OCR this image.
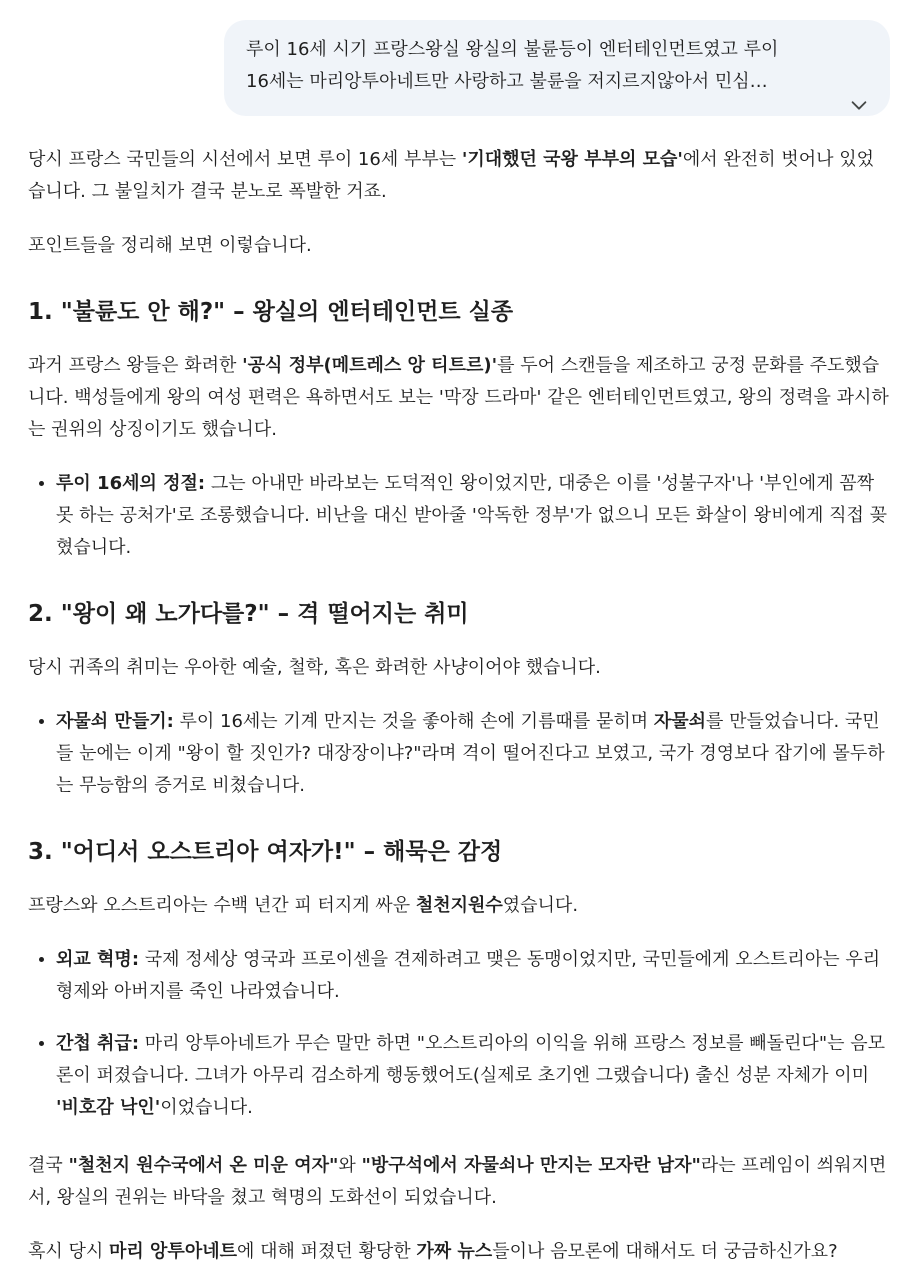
루이 16세 시기 프랑스왕실 왕실의 불륜등이 엔터테인먼트였고 루이

16세는 마리앙투아네트만 사랑하고 불륜을 저지르지않아서 민심…

당시 프랑스 국민들의 시선에서 보면 루이 16세 부부는 '기대했던 국왕 부부의 모습'에서 완전히 벗어나 있었습니다. 그 불일치가 결국 분노로 폭발한 거죠.

포인트들을 정리해 보면 이렇습니다.

1. "불륜도 안 해?" – 왕실의 엔터테인먼트 실종

과거 프랑스 왕들은 화려한 '공식 정부(메트레스 앙 티트르)'를 두어 스캔들을 제조하고 궁정 문화를 주도했습니다. 백성들에게 왕의 여성 편력은 욕하면서도 보는 '막장 드라마' 같은 엔터테인먼트였고, 왕의 정력을 과시하는 권위의 상징이기도 했습니다.

• 루이 16세의 정절: 그는 아내만 바라보는 도덕적인 왕이었지만, 대중은 이를 '성불구자'나 '부인에게 꼼짝 못 하는 공처가'로 조롱했습니다. 비난을 대신 받아줄 '악독한 정부'가 없으니 모든 화살이 왕비에게 직접 꽂혔습니다.
2. "왕이 왜 노가다를?" – 격 떨어지는 취미

당시 귀족의 취미는 우아한 예술, 철학, 혹은 화려한 사냥이어야 했습니다.

• 자물쇠 만들기: 루이 16세는 기계 만지는 것을 좋아해 손에 기름때를 묻히며 자물쇠를 만들었습니다. 국민들 눈에는 이게 "왕이 할 짓인가? 대장장이냐?"라며 격이 떨어진다고 보였고, 국가 경영보다 잡기에 몰두하는 무능함의 증거로 비쳤습니다.
3. "어디서 오스트리아 여자가!" – 해묵은 감정

프랑스와 오스트리아는 수백 년간 피 터지게 싸운 철천지원수였습니다.

• 외교 혁명: 국제 정세상 영국과 프로이센을 견제하려고 맺은 동맹이었지만, 국민들에게 오스트리아는 우리 형제와 아버지를 죽인 나라였습니다.
• 간첩 취급: 마리 앙투아네트가 무슨 말만 하면 "오스트리아의 이익을 위해 프랑스 정보를 빼돌린다"는 음모론이 퍼졌습니다. 그녀가 아무리 검소하게 행동했어도(실제로 초기엔 그랬습니다) 출신 성분 자체가 이미 '비호감 낙인'이었습니다.

결국 "철천지 원수국에서 온 미운 여자"와 "방구석에서 자물쇠나 만지는 모자란 남자"라는 프레임이 씌워지면서, 왕실의 권위는 바닥을 쳤고 혁명의 도화선이 되었습니다.

혹시 당시 마리 앙투아네트에 대해 퍼졌던 황당한 가짜 뉴스들이나 음모론에 대해서도 더 궁금하신가요?
